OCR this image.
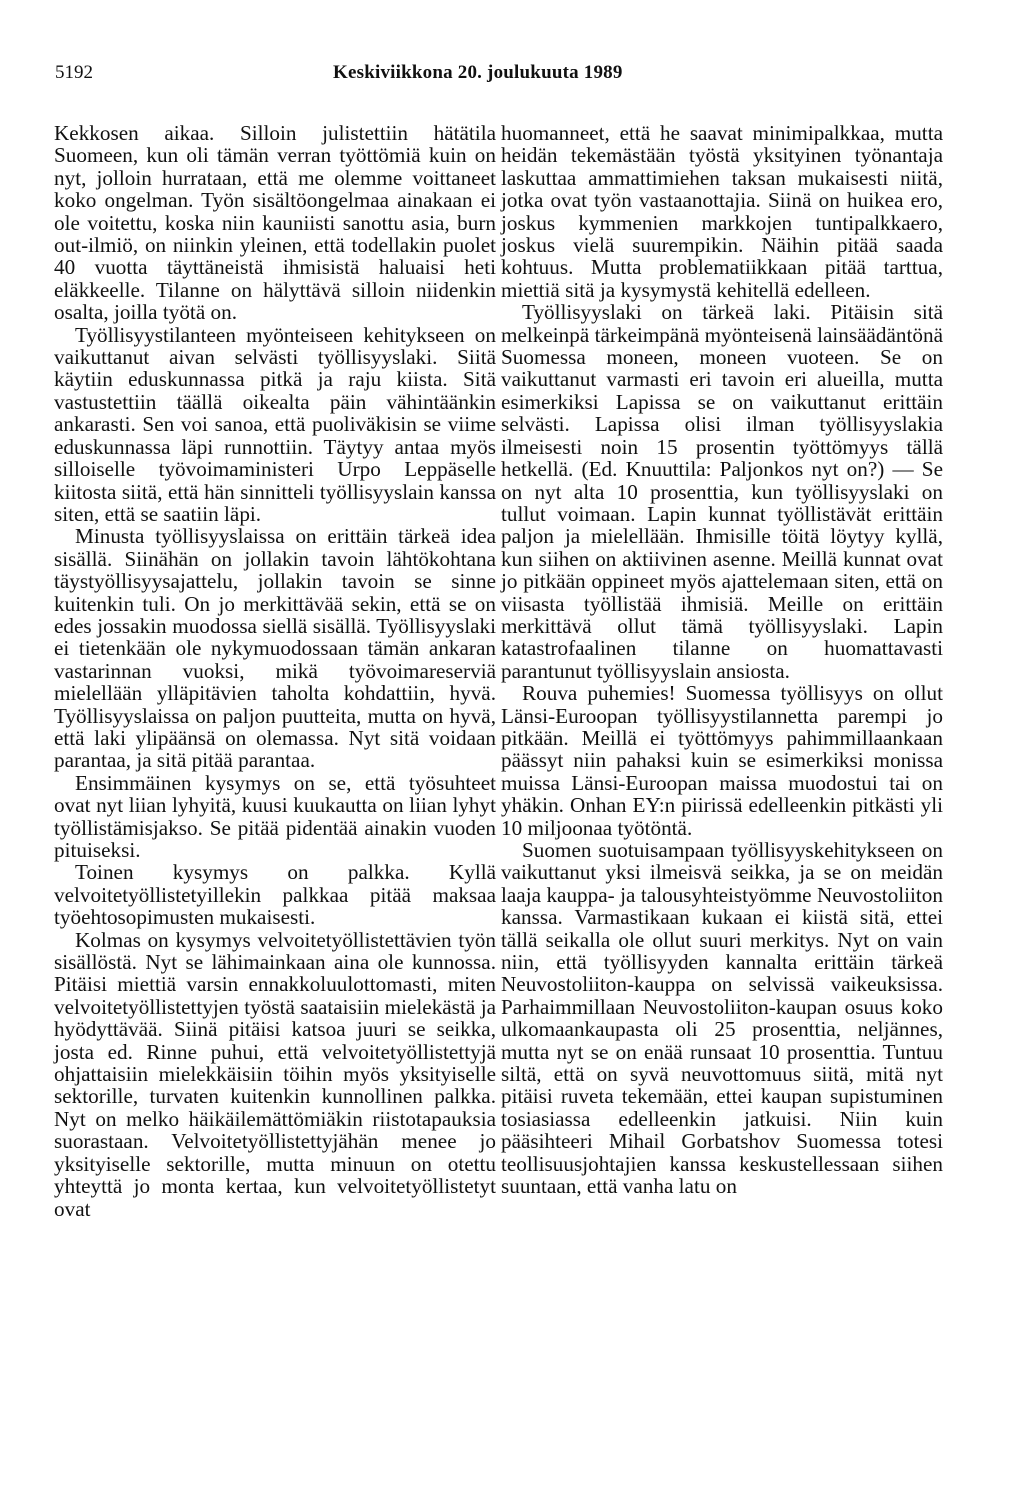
5192	Keskiviikkona 20. joulukuuta 1989

Kekkosen aikaa. Silloin julistettiin hätätila Suomeen, kun oli tämän verran työttömiä kuin on nyt, jolloin hurrataan, että me olemme voittaneet koko ongelman. Työn sisältöongelmaa ainakaan ei ole voitettu, koska niin kauniisti sanottu asia, burn out-ilmiö, on niinkin yleinen, että todellakin puolet 40 vuotta täyttäneistä ihmisistä haluaisi heti eläkkeelle. Tilanne on hälyttävä silloin niidenkin osalta, joilla työtä on.

Työllisyystilanteen myönteiseen kehitykseen on vaikuttanut aivan selvästi työllisyyslaki. Siitä käytiin eduskunnassa pitkä ja raju kiista. Sitä vastustettiin täällä oikealta päin vähintäänkin ankarasti. Sen voi sanoa, että puoliväkisin se viime eduskunnassa läpi runnottiin. Täytyy antaa myös silloiselle työvoimaministeri Urpo Leppäselle kiitosta siitä, että hän sinnitteli työllisyyslain kanssa siten, että se saatiin läpi.

Minusta työllisyyslaissa on erittäin tärkeä idea sisällä. Siinähän on jollakin tavoin lähtökohtana täystyöllisyysajattelu, jollakin tavoin se sinne kuitenkin tuli. On jo merkittävää sekin, että se on edes jossakin muodossa siellä sisällä. Työllisyyslaki ei tietenkään ole nykymuodossaan tämän ankaran vastarinnan vuoksi, mikä työvoimareserviä mielellään ylläpitävien taholta kohdattiin, hyvä. Työllisyyslaissa on paljon puutteita, mutta on hyvä, että laki ylipäänsä on olemassa. Nyt sitä voidaan parantaa, ja sitä pitää parantaa.

Ensimmäinen kysymys on se, että työsuhteet ovat nyt liian lyhyitä, kuusi kuukautta on liian lyhyt työllistämisjakso. Se pitää pidentää ainakin vuoden pituiseksi.

Toinen kysymys on palkka. Kyllä velvoitetyöllistetyillekin palkkaa pitää maksaa työehtosopimusten mukaisesti.

Kolmas on kysymys velvoitetyöllistettävien työn sisällöstä. Nyt se lähimainkaan aina ole kunnossa. Pitäisi miettiä varsin ennakkoluulottomasti, miten velvoitetyöllistettyjen työstä saataisiin mielekästä ja hyödyttävää. Siinä pitäisi katsoa juuri se seikka, josta ed. Rinne puhui, että velvoitetyöllistettyjä ohjattaisiin mielekkäisiin töihin myös yksityiselle sektorille, turvaten kuitenkin kunnollinen palkka. Nyt on melko häikäilemättömiäkin riistotapauksia suorastaan. Velvoitetyöllistettyjähän menee jo yksityiselle sektorille, mutta minuun on otettu yhteyttä jo monta kertaa, kun velvoitetyöllistetyt ovat

huomanneet, että he saavat minimipalkkaa, mutta heidän tekemästään työstä yksityinen työnantaja laskuttaa ammattimiehen taksan mukaisesti niitä, jotka ovat työn vastaanottajia. Siinä on huikea ero, joskus kymmenien markkojen tuntipalkkaero, joskus vielä suurempikin. Näihin pitää saada kohtuus. Mutta problematiikkaan pitää tarttua, miettiä sitä ja kysymystä kehitellä edelleen.

Työllisyyslaki on tärkeä laki. Pitäisin sitä melkeinpä tärkeimpänä myönteisenä lainsäädäntönä Suomessa moneen, moneen vuoteen. Se on vaikuttanut varmasti eri tavoin eri alueilla, mutta esimerkiksi Lapissa se on vaikuttanut erittäin selvästi. Lapissa olisi ilman työllisyyslakia ilmeisesti noin 15 prosentin työttömyys tällä hetkellä. (Ed. Knuuttila: Paljonkos nyt on?) — Se on nyt alta 10 prosenttia, kun työllisyyslaki on tullut voimaan. Lapin kunnat työllistävät erittäin paljon ja mielellään. Ihmisille töitä löytyy kyllä, kun siihen on aktiivinen asenne. Meillä kunnat ovat jo pitkään oppineet myös ajattelemaan siten, että on viisasta työllistää ihmisiä. Meille on erittäin merkittävä ollut tämä työllisyyslaki. Lapin katastrofaalinen tilanne on huomattavasti parantunut työllisyyslain ansiosta.

Rouva puhemies! Suomessa työllisyys on ollut Länsi-Euroopan työllisyystilannetta parempi jo pitkään. Meillä ei työttömyys pahimmillaankaan päässyt niin pahaksi kuin se esimerkiksi monissa muissa Länsi-Euroopan maissa muodostui tai on yhäkin. Onhan EY:n piirissä edelleenkin pitkästi yli 10 miljoonaa työtöntä.

Suomen suotuisampaan työllisyyskehitykseen on vaikuttanut yksi ilmeisvä seikka, ja se on meidän laaja kauppa- ja talousyhteistyömme Neuvostoliiton kanssa. Varmastikaan kukaan ei kiistä sitä, ettei tällä seikalla ole ollut suuri merkitys. Nyt on vain niin, että työllisyyden kannalta erittäin tärkeä Neuvostoliiton-kauppa on selvissä vaikeuksissa. Parhaimmillaan Neuvostoliiton-kaupan osuus koko ulkomaankaupasta oli 25 prosenttia, neljännes, mutta nyt se on enää runsaat 10 prosenttia. Tuntuu siltä, että on syvä neuvottomuus siitä, mitä nyt pitäisi ruveta tekemään, ettei kaupan supistuminen tosiasiassa edelleenkin jatkuisi. Niin kuin pääsihteeri Mihail Gorbatshov Suomessa totesi teollisuusjohtajien kanssa keskustellessaan siihen suuntaan, että vanha latu on
